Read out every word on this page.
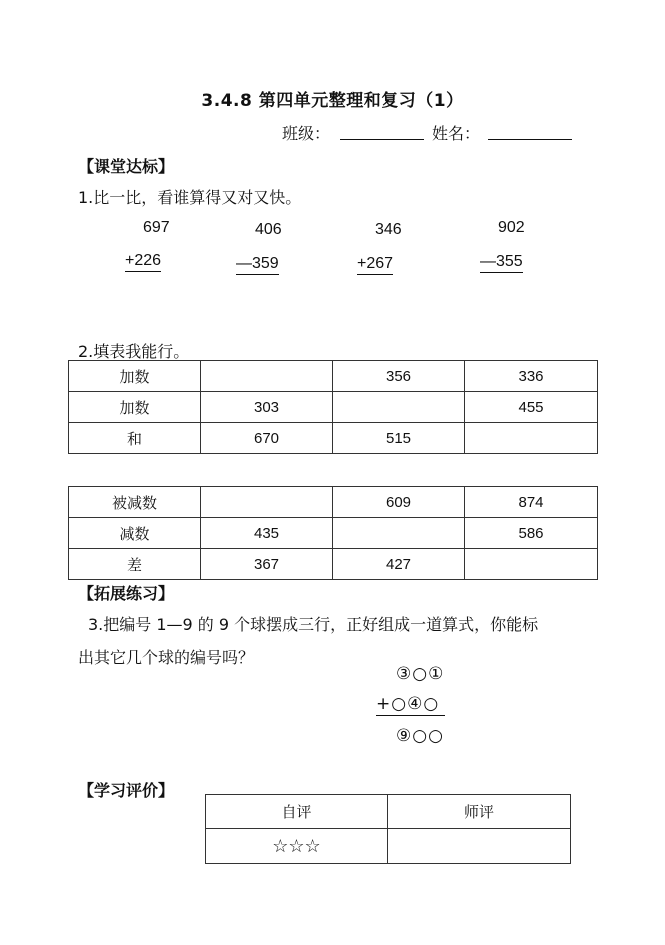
3.4.8 第四单元整理和复习（1）
班级：	姓名：
【课堂达标】
1.比一比，看谁算得又对又快。
697
+226
406
—359
346
+267
902
—355
2.填表我能行。
加数		356	336
加数	303		455
和	670	515	
被减数		609	874
减数	435		586
差	367	427	
【拓展练习】
3.把编号 1—9 的 9 个球摆成三行，正好组成一道算式，你能标
出其它几个球的编号吗？
③○①
+○④○
⑨○○
【学习评价】
自评	师评
☆☆☆	
